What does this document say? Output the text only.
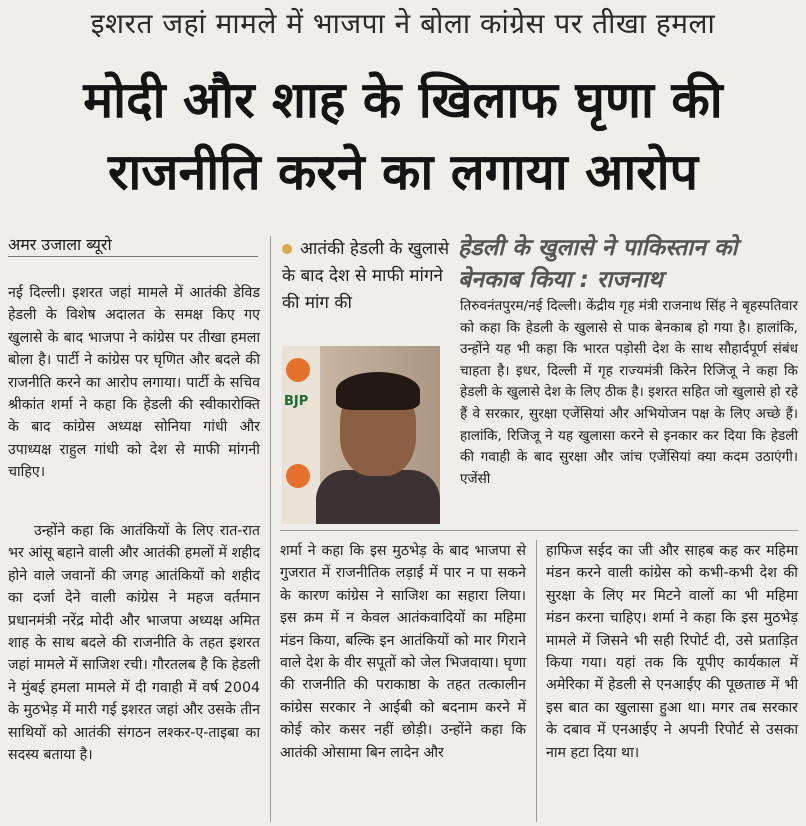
इशरत जहां मामले में भाजपा ने बोला कांग्रेस पर तीखा हमला
मोदी और शाह के खिलाफ घृणा की राजनीति करने का लगाया आरोप
अमर उजाला ब्यूरो

नई दिल्ली। इशरत जहां मामले में आतंकी डेविड हेडली के विशेष अदालत के समक्ष किए गए खुलासे के बाद भाजपा ने कांग्रेस पर तीखा हमला बोला है। पार्टी ने कांग्रेस पर घृणित और बदले की राजनीति करने का आरोप लगाया। पार्टी के सचिव श्रीकांत शर्मा ने कहा कि हेडली की स्वीकारोक्ति के बाद कांग्रेस अध्यक्ष सोनिया गांधी और उपाध्यक्ष राहुल गांधी को देश से माफी मांगनी चाहिए।

उन्होंने कहा कि आतंकियों के लिए रात-रात भर आंसू बहाने वाली और आतंकी हमलों में शहीद होने वाले जवानों की जगह आतंकियों को शहीद का दर्जा देने वाली कांग्रेस ने महज वर्तमान प्रधानमंत्री नरेंद्र मोदी और भाजपा अध्यक्ष अमित शाह के साथ बदले की राजनीति के तहत इशरत जहां मामले में साजिश रची। गौरतलब है कि हेडली ने मुंबई हमला मामले में दी गवाही में वर्ष 2004 के मुठभेड़ में मारी गई इशरत जहां और उसके तीन साथियों को आतंकी संगठन लश्कर-ए-ताइबा का सदस्य बताया है।

आतंकी हेडली के खुलासे के बाद देश से माफी मांगने की मांग की
BJP
हेडली के खुलासे ने पाकिस्तान को बेनकाब किया : राजनाथ

तिरुवनंतपुरम/नई दिल्ली। केंद्रीय गृह मंत्री राजनाथ सिंह ने बृहस्पतिवार को कहा कि हेडली के खुलासे से पाक बेनकाब हो गया है। हालांकि, उन्होंने यह भी कहा कि भारत पड़ोसी देश के साथ सौहार्दपूर्ण संबंध चाहता है। इधर, दिल्ली में गृह राज्यमंत्री किरेन रिजिजू ने कहा कि हेडली के खुलासे देश के लिए ठीक है। इशरत सहित जो खुलासे हो रहे हैं वे सरकार, सुरक्षा एजेंसियां और अभियोजन पक्ष के लिए अच्छे हैं। हालांकि, रिजिजू ने यह खुलासा करने से इनकार कर दिया कि हेडली की गवाही के बाद सुरक्षा और जांच एजेंसियां क्या कदम उठाएंगी। एजेंसी

शर्मा ने कहा कि इस मुठभेड़ के बाद भाजपा से गुजरात में राजनीतिक लड़ाई में पार न पा सकने के कारण कांग्रेस ने साजिश का सहारा लिया। इस क्रम में न केवल आतंकवादियों का महिमा मंडन किया, बल्कि इन आतंकियों को मार गिराने वाले देश के वीर सपूतों को जेल भिजवाया। घृणा की राजनीति की पराकाष्ठा के तहत तत्कालीन कांग्रेस सरकार ने आईबी को बदनाम करने में कोई कोर कसर नहीं छोड़ी। उन्होंने कहा कि आतंकी ओसामा बिन लादेन और

हाफिज सईद का जी और साहब कह कर महिमा मंडन करने वाली कांग्रेस को कभी-कभी देश की सुरक्षा के लिए मर मिटने वालों का भी महिमा मंडन करना चाहिए। शर्मा ने कहा कि इस मुठभेड़ मामले में जिसने भी सही रिपोर्ट दी, उसे प्रताड़ित किया गया। यहां तक कि यूपीए कार्यकाल में अमेरिका में हेडली से एनआईए की पूछताछ में भी इस बात का खुलासा हुआ था। मगर तब सरकार के दबाव में एनआईए ने अपनी रिपोर्ट से उसका नाम हटा दिया था।
